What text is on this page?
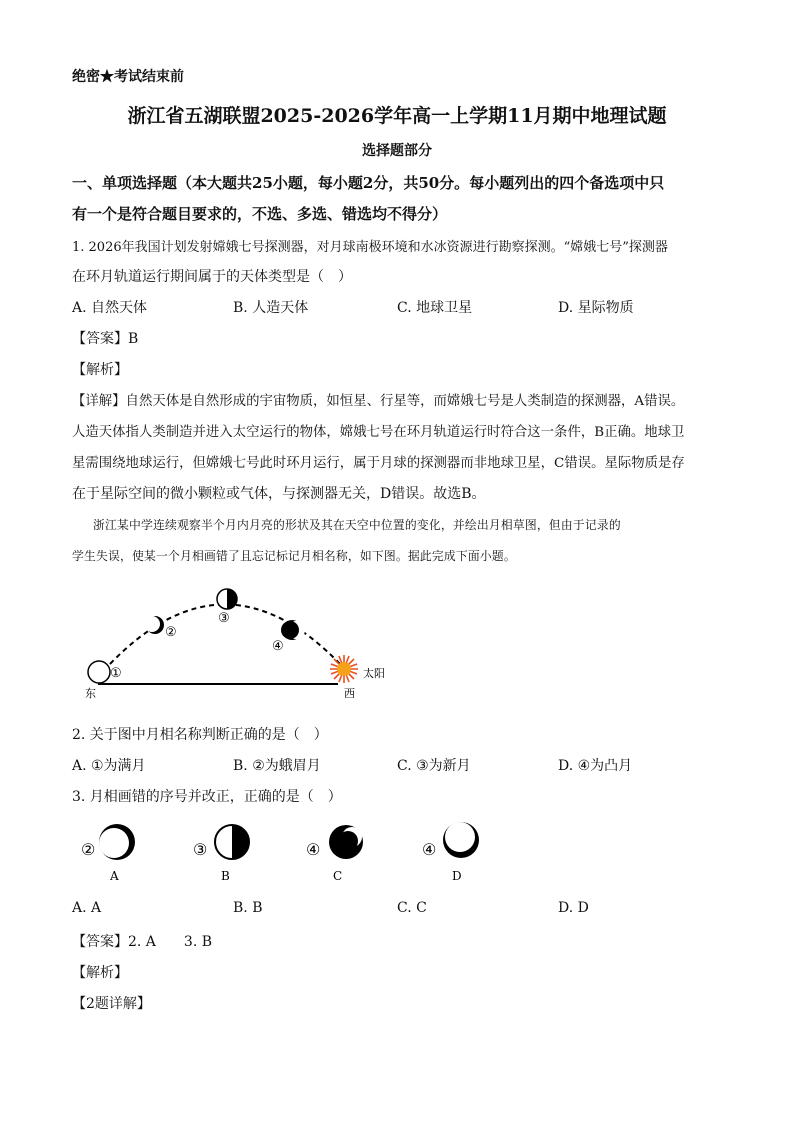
绝密★考试结束前
浙江省五湖联盟2025-2026学年高一上学期11月期中地理试题
选择题部分
一、单项选择题（本大题共25小题，每小题2分，共50分。每小题列出的四个备选项中只
有一个是符合题目要求的，不选、多选、错选均不得分）
1. 2026年我国计划发射嫦娥七号探测器，对月球南极环境和水冰资源进行勘察探测。“嫦娥七号”探测器
在环月轨道运行期间属于的天体类型是（　）
A. 自然天体	B. 人造天体	C. 地球卫星	D. 星际物质
【答案】B
【解析】
【详解】自然天体是自然形成的宇宙物质，如恒星、行星等，而嫦娥七号是人类制造的探测器，A错误。
人造天体指人类制造并进入太空运行的物体，嫦娥七号在环月轨道运行时符合这一条件，B正确。地球卫
星需围绕地球运行，但嫦娥七号此时环月运行，属于月球的探测器而非地球卫星，C错误。星际物质是存
在于星际空间的微小颗粒或气体，与探测器无关，D错误。故选B。
浙江某中学连续观察半个月内月亮的形状及其在天空中位置的变化，并绘出月相草图，但由于记录的
学生失误，使某一个月相画错了且忘记标记月相名称，如下图。据此完成下面小题。
①
②
③
④
太阳
东	西
2. 关于图中月相名称判断正确的是（　）
A. ①为满月	B. ②为蛾眉月	C. ③为新月	D. ④为凸月
3. 月相画错的序号并改正，正确的是（　）
②
A
③
B
④
C
④
D
A. A	B. B	C. C	D. D
【答案】2. A　　3. B
【解析】
【2题详解】
